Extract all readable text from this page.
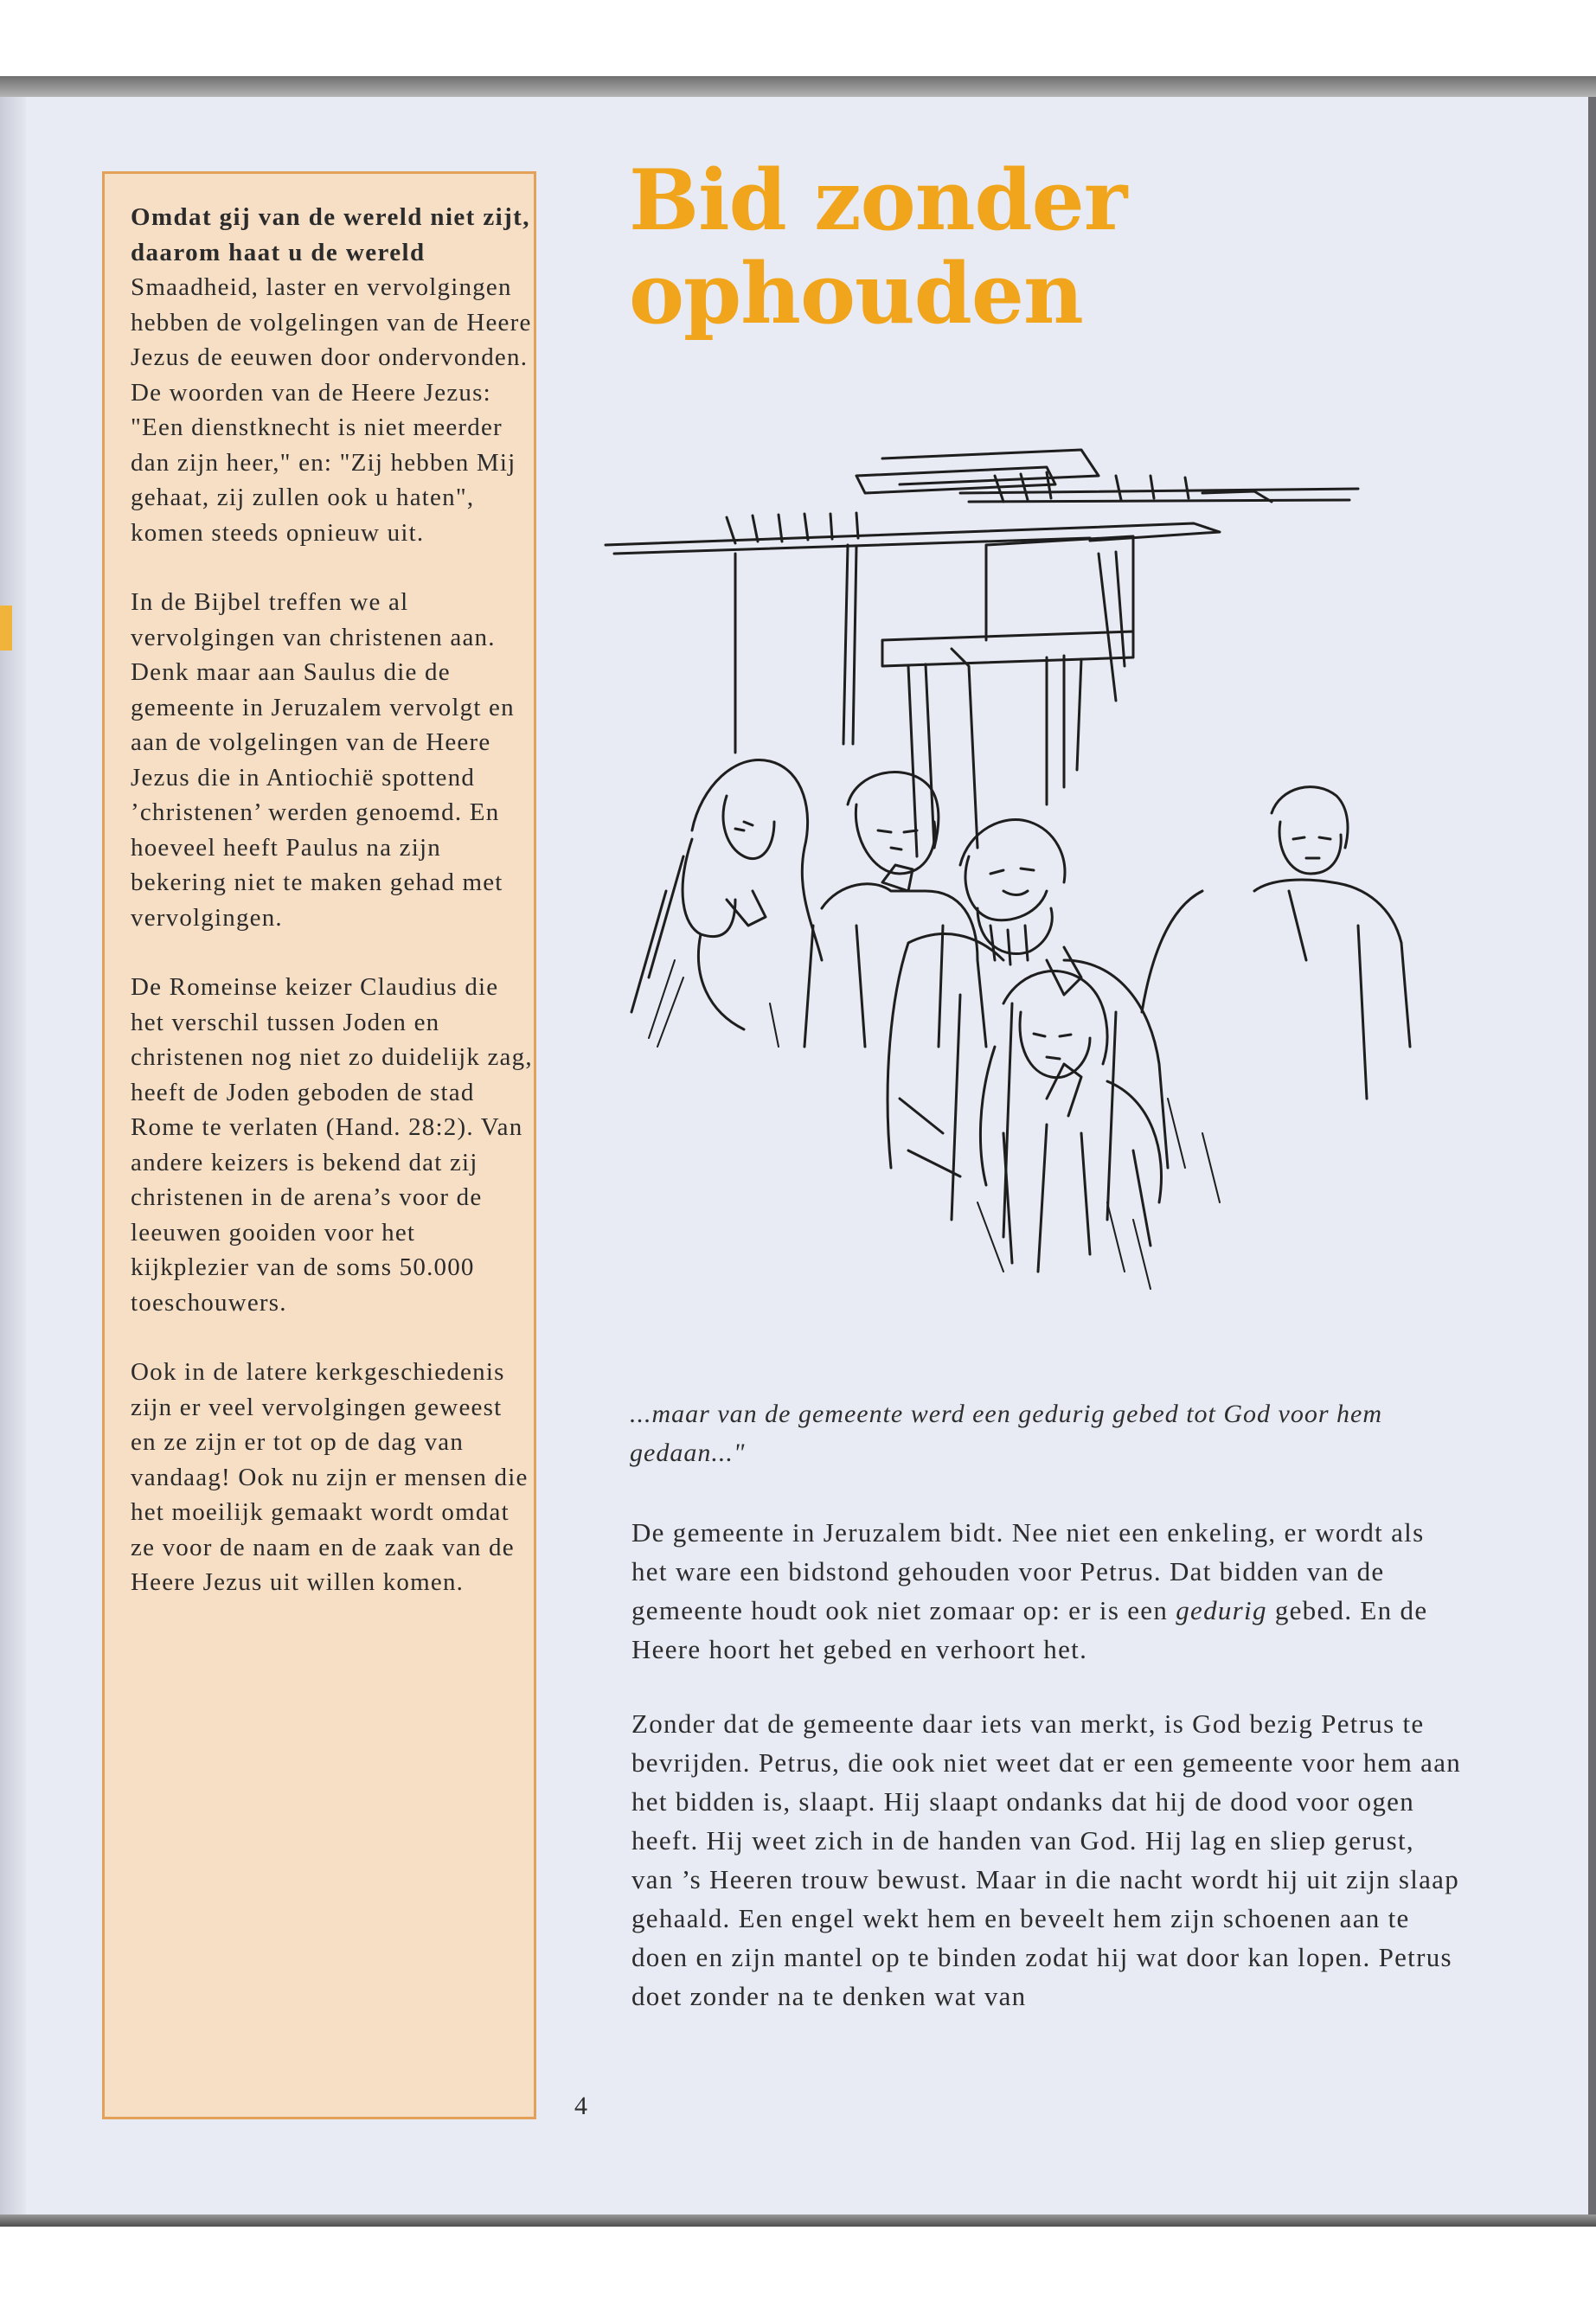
Omdat gij van de wereld niet zijt, daarom haat u de wereld
Smaadheid, laster en vervolgingen hebben de volgelingen van de Heere Jezus de eeuwen door ondervonden. De woorden van de Heere Jezus: "Een dienstknecht is niet meerder dan zijn heer," en: "Zij hebben Mij gehaat, zij zullen ook u haten", komen steeds opnieuw uit.

In de Bijbel treffen we al vervolgingen van christenen aan. Denk maar aan Saulus die de gemeente in Jeruzalem vervolgt en aan de volgelingen van de Heere Jezus die in Antiochië spottend ’christenen’ werden genoemd. En hoeveel heeft Paulus na zijn bekering niet te maken gehad met vervolgingen.

De Romeinse keizer Claudius die het verschil tussen Joden en christenen nog niet zo duidelijk zag, heeft de Joden geboden de stad Rome te verlaten (Hand. 28:2). Van andere keizers is bekend dat zij christenen in de arena’s voor de leeuwen gooiden voor het kijkplezier van de soms 50.000 toeschouwers.

Ook in de latere kerkgeschiedenis zijn er veel vervolgingen geweest en ze zijn er tot op de dag van vandaag! Ook nu zijn er mensen die het moeilijk gemaakt wordt omdat ze voor de naam en de zaak van de Heere Jezus uit willen komen.

Bid zonder
ophouden

...maar van de gemeente werd een gedurig gebed tot God voor hem gedaan..."

De gemeente in Jeruzalem bidt. Nee niet een enkeling, er wordt als het ware een bidstond gehouden voor Petrus. Dat bidden van de gemeente houdt ook niet zomaar op: er is een gedurig gebed. En de Heere hoort het gebed en verhoort het.

Zonder dat de gemeente daar iets van merkt, is God bezig Petrus te bevrijden. Petrus, die ook niet weet dat er een gemeente voor hem aan het bidden is, slaapt. Hij slaapt ondanks dat hij de dood voor ogen heeft. Hij weet zich in de handen van God. Hij lag en sliep gerust, van ’s Heeren trouw bewust. Maar in die nacht wordt hij uit zijn slaap gehaald. Een engel wekt hem en beveelt hem zijn schoenen aan te doen en zijn mantel op te binden zodat hij wat door kan lopen. Petrus doet zonder na te denken wat van

4
